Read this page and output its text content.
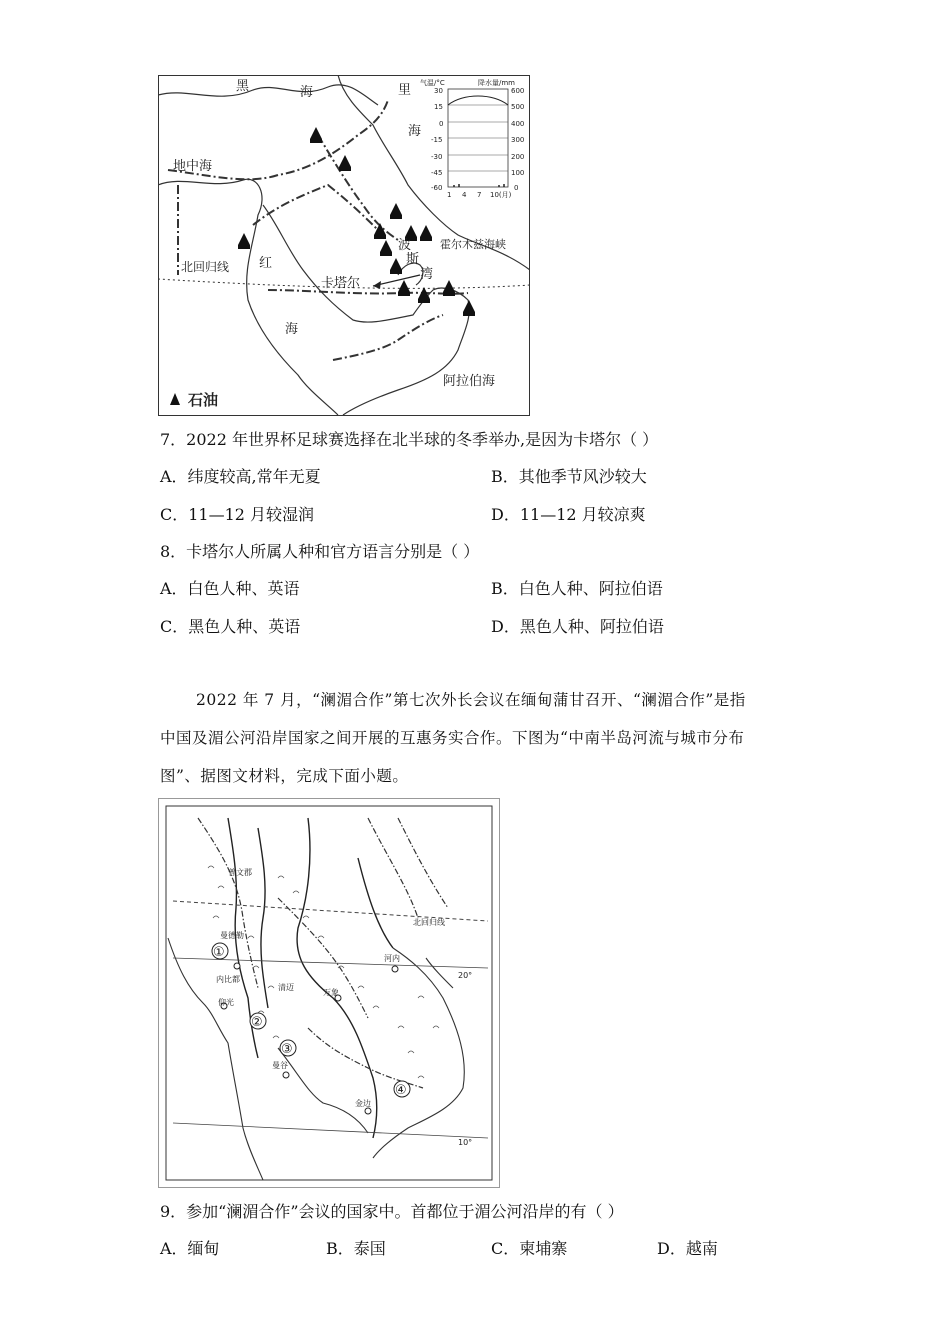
气温/°C	降水量/mm
30
15
0
-15
-30
-45
-60
600
500
400
300
200
100
0
1 4 7 10(月)
黑	海	里
海
地中海
红
海
波
斯
湾
霍尔木兹海峡
北回归线
卡塔尔
阿拉伯海
石油
7．2022 年世界杯足球赛选择在北半球的冬季举办,是因为卡塔尔（ ）
A．纬度较高,常年无夏	B．其他季节风沙较大
C．11—12 月较湿润	D．11—12 月较凉爽
8．卡塔尔人所属人种和官方语言分别是（ ）
A．白色人种、英语	B．白色人种、阿拉伯语
C．黑色人种、英语	D．黑色人种、阿拉伯语
2022 年 7 月，“澜湄合作”第七次外长会议在缅甸蒲甘召开、“澜湄合作”是指
中国及湄公河沿岸国家之间开展的互惠务实合作。下图为“中南半岛河流与城市分布
图”、据图文材料，完成下面小题。
普文郡
曼德勒
内比都
仰光
清迈
万象
河内
曼谷
金边
北回归线
20°
10°
①
②
③
④
9．参加“澜湄合作”会议的国家中。首都位于湄公河沿岸的有（ ）
A．缅甸	B．泰国	C．柬埔寨	D．越南
